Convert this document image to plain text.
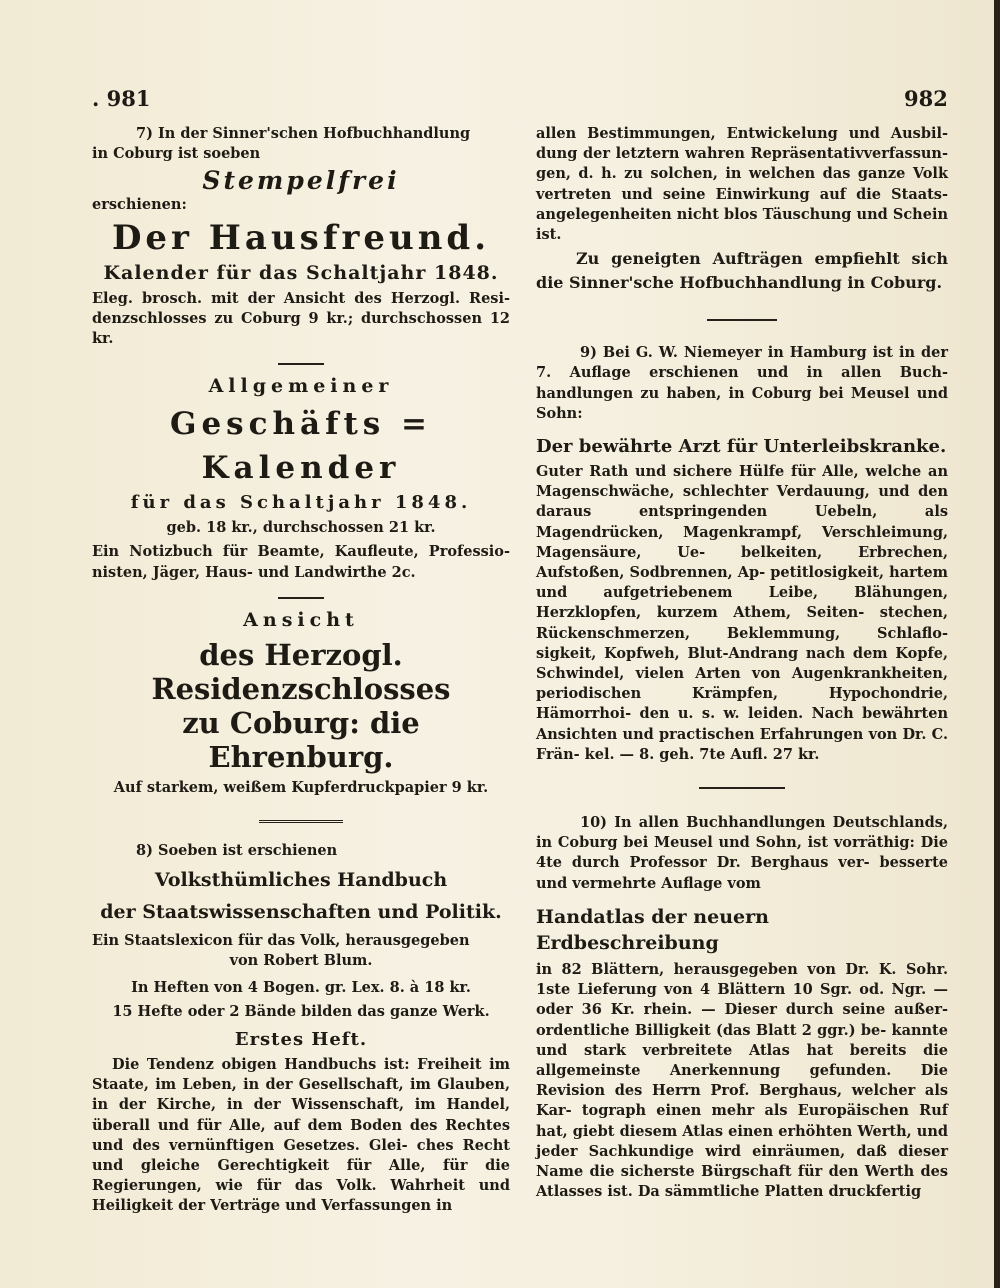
. 981	982

7) In der Sinner'schen Hofbuchhandlung

in Coburg ist soeben

Stempelfrei

erschienen:

Der Hausfreund.

Kalender für das Schaltjahr 1848.

Eleg. brosch. mit der Ansicht des Herzogl. Resi- denzschlosses zu Coburg 9 kr.; durchschossen 12 kr.

Allgemeiner

Geschäfts = Kalender

für das Schaltjahr 1848.

geb. 18 kr., durchschossen 21 kr.

Ein Notizbuch für Beamte, Kaufleute, Professio- nisten, Jäger, Haus- und Landwirthe 2c.

Ansicht

des Herzogl. Residenzschlosses

zu Coburg: die Ehrenburg.

Auf starkem, weißem Kupferdruckpapier 9 kr.

8) Soeben ist erschienen

Volksthümliches Handbuch

der Staatswissenschaften und Politik.

Ein Staatslexicon für das Volk, herausgegeben

von Robert Blum.

In Heften von 4 Bogen. gr. Lex. 8. à 18 kr.

15 Hefte oder 2 Bände bilden das ganze Werk.

Erstes Heft.

Die Tendenz obigen Handbuchs ist: Freiheit im Staate, im Leben, in der Gesellschaft, im Glauben, in der Kirche, in der Wissenschaft, im Handel, überall und für Alle, auf dem Boden des Rechtes und des vernünftigen Gesetzes. Glei- ches Recht und gleiche Gerechtigkeit für Alle, für die Regierungen, wie für das Volk. Wahrheit und Heiligkeit der Verträge und Verfassungen in

allen Bestimmungen, Entwickelung und Ausbil- dung der letztern wahren Repräsentativverfassun- gen, d. h. zu solchen, in welchen das ganze Volk vertreten und seine Einwirkung auf die Staats- angelegenheiten nicht blos Täuschung und Schein ist.

Zu geneigten Aufträgen empfiehlt sich die Sinner'sche Hofbuchhandlung in Coburg.

9) Bei G. W. Niemeyer in Hamburg ist in der 7. Auflage erschienen und in allen Buch- handlungen zu haben, in Coburg bei Meusel und Sohn:

Der bewährte Arzt für Unterleibskranke.

Guter Rath und sichere Hülfe für Alle, welche an Magenschwäche, schlechter Verdauung, und den daraus entspringenden Uebeln, als Magendrücken, Magenkrampf, Verschleimung, Magensäure, Ue- belkeiten, Erbrechen, Aufstoßen, Sodbrennen, Ap- petitlosigkeit, hartem und aufgetriebenem Leibe, Blähungen, Herzklopfen, kurzem Athem, Seiten- stechen, Rückenschmerzen, Beklemmung, Schlaflo- sigkeit, Kopfweh, Blut-Andrang nach dem Kopfe, Schwindel, vielen Arten von Augenkrankheiten, periodischen Krämpfen, Hypochondrie, Hämorrhoi- den u. s. w. leiden. Nach bewährten Ansichten und practischen Erfahrungen von Dr. C. Frän- kel. — 8. geh. 7te Aufl. 27 kr.

10) In allen Buchhandlungen Deutschlands, in Coburg bei Meusel und Sohn, ist vorräthig: Die 4te durch Professor Dr. Berghaus ver- besserte und vermehrte Auflage vom

Handatlas der neuern Erdbeschreibung

in 82 Blättern, herausgegeben von Dr. K. Sohr. 1ste Lieferung von 4 Blättern 10 Sgr. od. Ngr. — oder 36 Kr. rhein. — Dieser durch seine außer- ordentliche Billigkeit (das Blatt 2 ggr.) be- kannte und stark verbreitete Atlas hat bereits die allgemeinste Anerkennung gefunden. Die Revision des Herrn Prof. Berghaus, welcher als Kar- tograph einen mehr als Europäischen Ruf hat, giebt diesem Atlas einen erhöhten Werth, und jeder Sachkundige wird einräumen, daß dieser Name die sicherste Bürgschaft für den Werth des Atlasses ist. Da sämmtliche Platten druckfertig
